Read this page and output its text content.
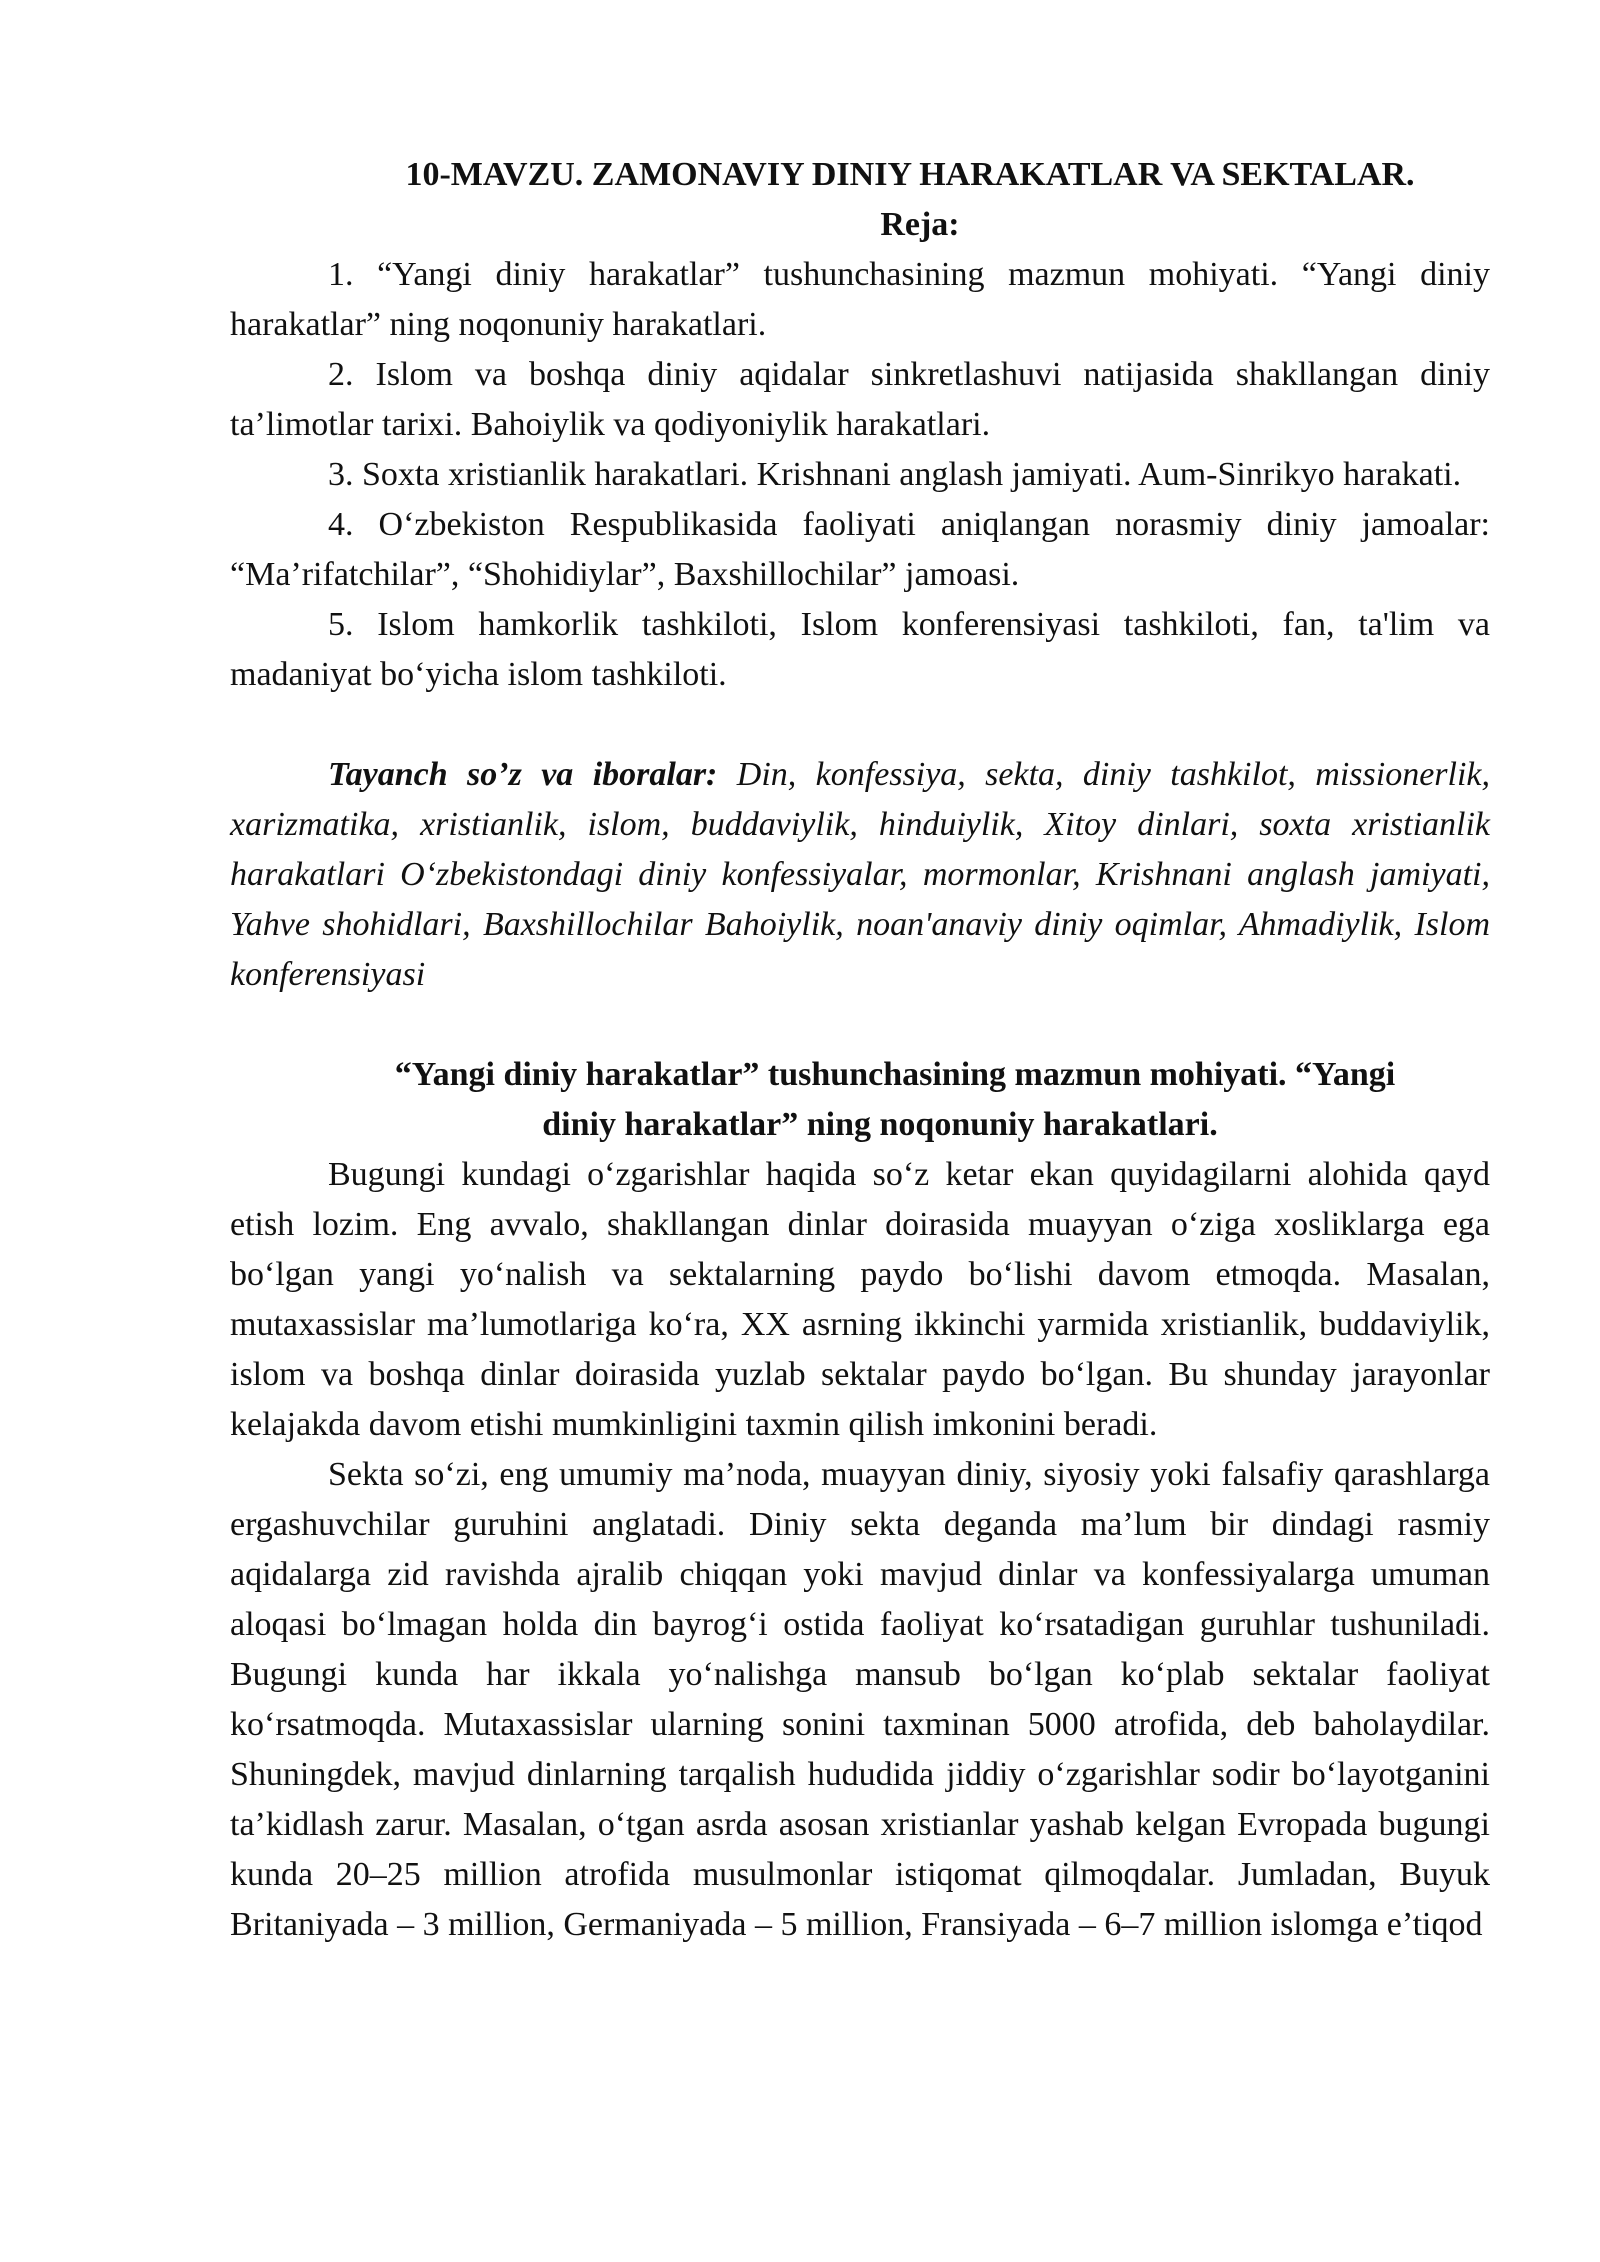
10-MAVZU. ZAMONAVIY DINIY HARAKATLAR VA SEKTALAR.

Reja:

1. “Yangi diniy harakatlar” tushunchasining mazmun mohiyati. “Yangi diniy harakatlar” ning noqonuniy harakatlari.

2. Islom va boshqa diniy aqidalar sinkretlashuvi natijasida shakllangan diniy ta’limotlar tarixi. Bahoiylik va qodiyoniylik harakatlari.

3. Soxta xristianlik harakatlari. Krishnani anglash jamiyati. Aum-Sinrikyo harakati.

4. O‘zbekiston Respublikasida faoliyati aniqlangan norasmiy diniy jamoalar: “Ma’rifatchilar”, “Shohidiylar”, Baxshillochilar” jamoasi.

5. Islom hamkorlik tashkiloti, Islom konferensiyasi tashkiloti, fan, ta'lim va madaniyat bo‘yicha islom tashkiloti.

Tayanch so’z va iboralar: Din, konfessiya, sekta, diniy tashkilot, missionerlik, xarizmatika, xristianlik, islom, buddaviylik, hinduiylik, Xitoy dinlari, soxta xristianlik harakatlari O‘zbekistondagi diniy konfessiyalar, mormonlar, Krishnani anglash jamiyati, Yahve shohidlari, Baxshillochilar Bahoiylik, noan'anaviy diniy oqimlar, Ahmadiylik, Islom konferensiyasi

“Yangi diniy harakatlar” tushunchasining mazmun mohiyati. “Yangi

diniy harakatlar” ning noqonuniy harakatlari.

Bugungi kundagi o‘zgarishlar haqida so‘z ketar ekan quyidagilarni alohida qayd etish lozim. Eng avvalo, shakllangan dinlar doirasida muayyan o‘ziga xosliklarga ega bo‘lgan yangi yo‘nalish va sektalarning paydo bo‘lishi davom etmoqda. Masalan, mutaxassislar ma’lumotlariga ko‘ra, XX asrning ikkinchi yarmida xristianlik, buddaviylik, islom va boshqa dinlar doirasida yuzlab sektalar paydo bo‘lgan. Bu shunday jarayonlar kelajakda davom etishi mumkinligini taxmin qilish imkonini beradi.

Sekta so‘zi, eng umumiy ma’noda, muayyan diniy, siyosiy yoki falsafiy qarashlarga ergashuvchilar guruhini anglatadi. Diniy sekta deganda ma’lum bir dindagi rasmiy aqidalarga zid ravishda ajralib chiqqan yoki mavjud dinlar va konfessiyalarga umuman aloqasi bo‘lmagan holda din bayrog‘i ostida faoliyat ko‘rsatadigan guruhlar tushuniladi. Bugungi kunda har ikkala yo‘nalishga mansub bo‘lgan ko‘plab sektalar faoliyat ko‘rsatmoqda. Mutaxassislar ularning sonini taxminan 5000 atrofida, deb baholaydilar. Shuningdek, mavjud dinlarning tarqalish hududida jiddiy o‘zgarishlar sodir bo‘layotganini ta’kidlash zarur. Masalan, o‘tgan asrda asosan xristianlar yashab kelgan Evropada bugungi kunda 20–25 million atrofida musulmonlar istiqomat qilmoqdalar. Jumladan, Buyuk Britaniyada – 3 million, Germaniyada – 5 million, Fransiyada – 6–7 million islomga e’tiqod
